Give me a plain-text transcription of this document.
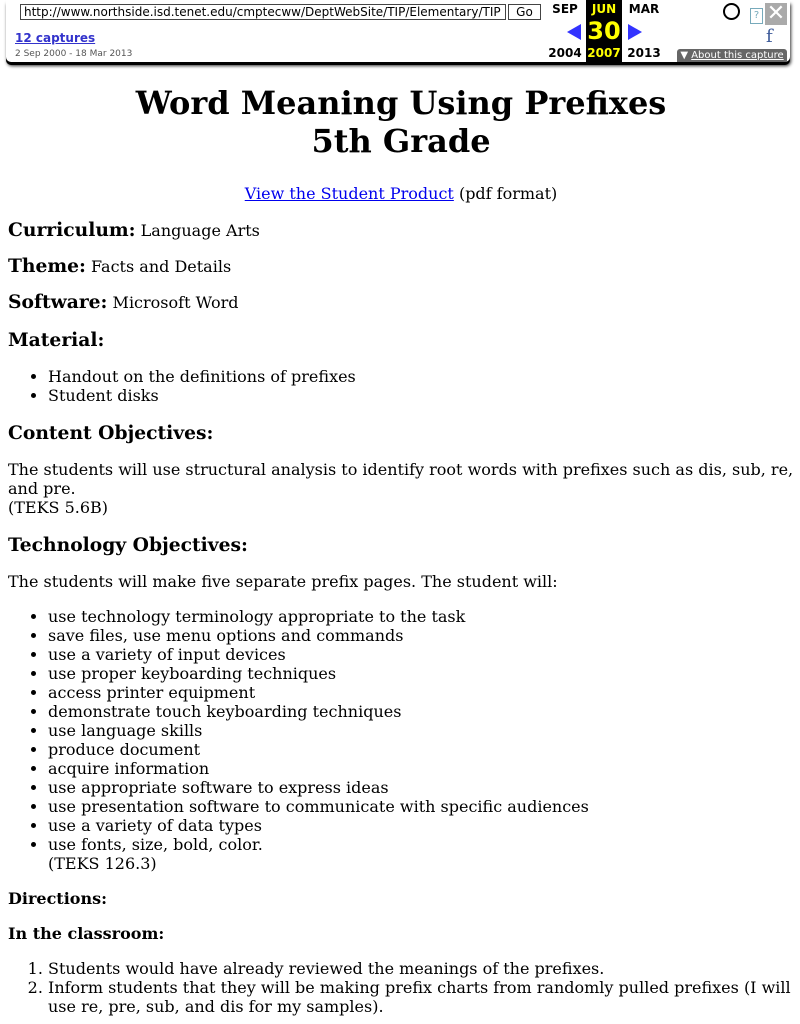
http://www.northside.isd.tenet.edu/cmptecww/DeptWebSite/TIP/Elementary/TIP
Go
12 captures
2 Sep 2000 - 18 Mar 2013
SEP
2004
JUN
30
2007
MAR
2013
? ✕
f
▼ About this capture
Word Meaning Using Prefixes
5th Grade
View the Student Product (pdf format)
Curriculum: Language Arts
Theme: Facts and Details
Software: Microsoft Word
Material:
• Handout on the definitions of prefixes
• Student disks
Content Objectives:

The students will use structural analysis to identify root words with prefixes such as dis, sub, re, and pre.
(TEKS 5.6B)

Technology Objectives:

The students will make five separate prefix pages. The student will:

• use technology terminology appropriate to the task
• save files, use menu options and commands
• use a variety of input devices
• use proper keyboarding techniques
• access printer equipment
• demonstrate touch keyboarding techniques
• use language skills
• produce document
• acquire information
• use appropriate software to express ideas
• use presentation software to communicate with specific audiences
• use a variety of data types
• use fonts, size, bold, color.
(TEKS 126.3)
Directions:
In the classroom:
1. Students would have already reviewed the meanings of the prefixes.
2. Inform students that they will be making prefix charts from randomly pulled prefixes (I will use re, pre, sub, and dis for my samples).
